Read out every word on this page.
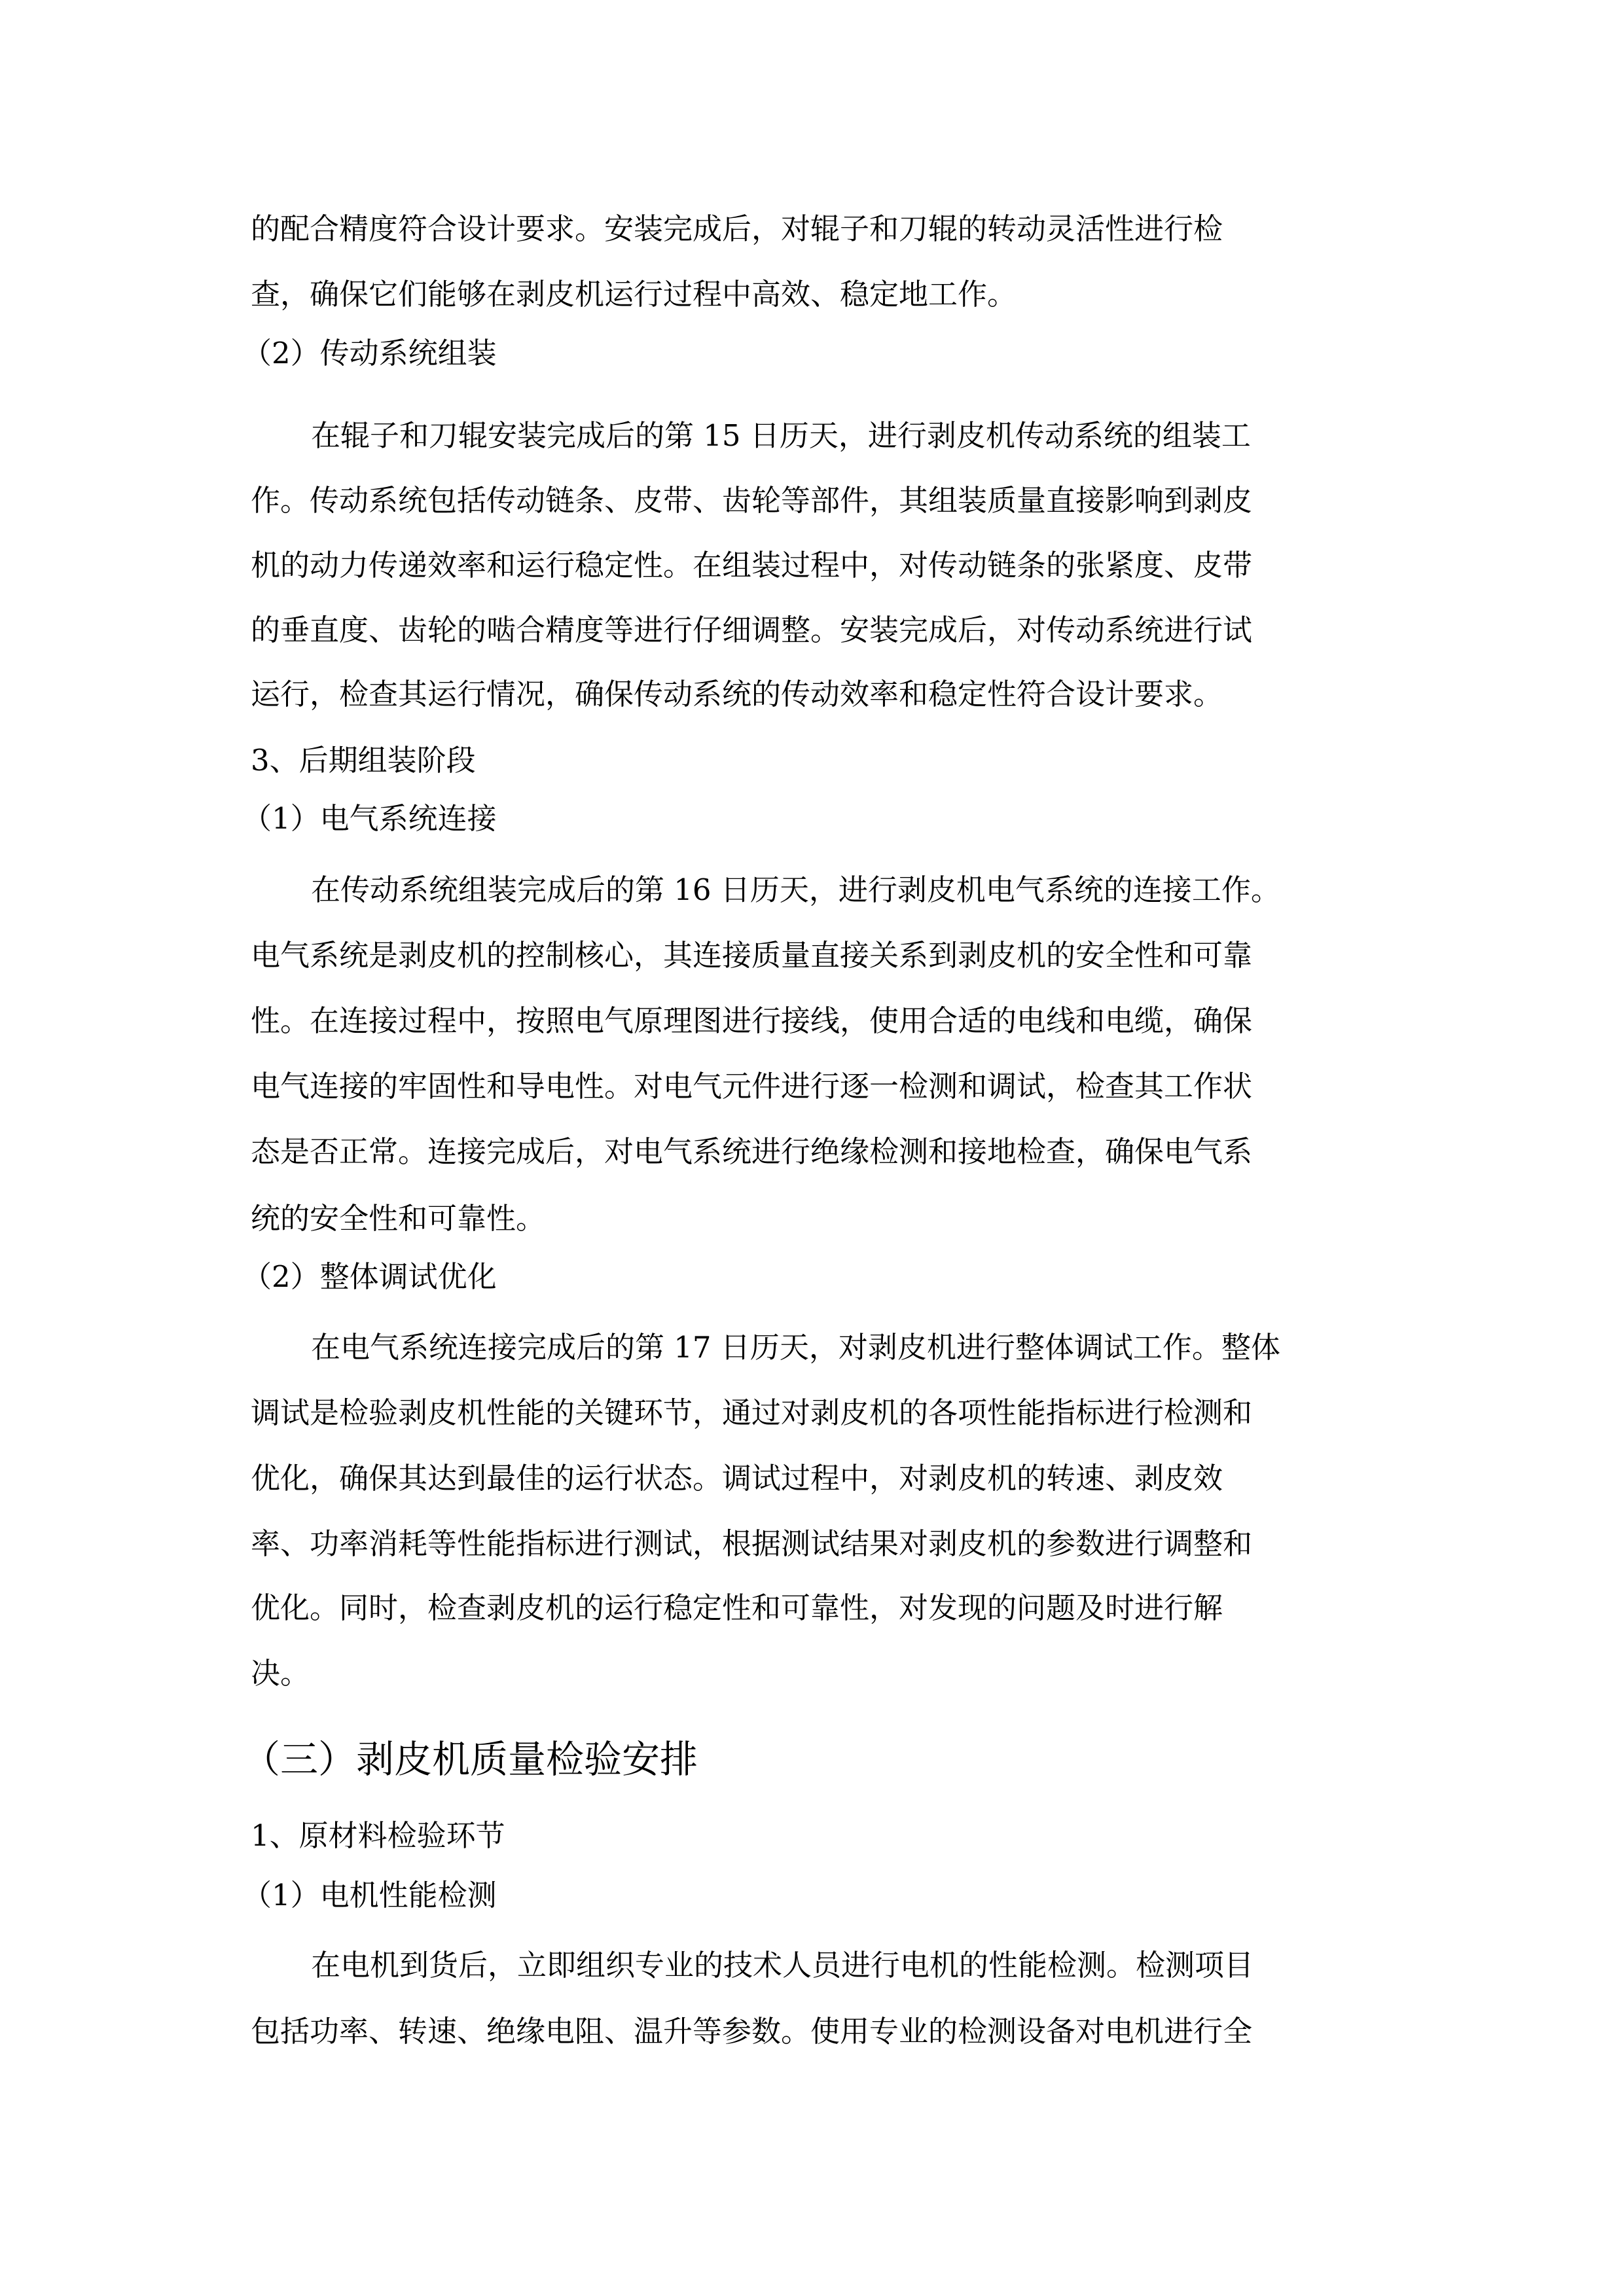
的配合精度符合设计要求。安装完成后，对辊子和刀辊的转动灵活性进行检

查，确保它们能够在剥皮机运行过程中高效、稳定地工作。

（2）传动系统组装

在辊子和刀辊安装完成后的第 15 日历天，进行剥皮机传动系统的组装工

作。传动系统包括传动链条、皮带、齿轮等部件，其组装质量直接影响到剥皮

机的动力传递效率和运行稳定性。在组装过程中，对传动链条的张紧度、皮带

的垂直度、齿轮的啮合精度等进行仔细调整。安装完成后，对传动系统进行试

运行，检查其运行情况，确保传动系统的传动效率和稳定性符合设计要求。

3、后期组装阶段

（1）电气系统连接

在传动系统组装完成后的第 16 日历天，进行剥皮机电气系统的连接工作。

电气系统是剥皮机的控制核心，其连接质量直接关系到剥皮机的安全性和可靠

性。在连接过程中，按照电气原理图进行接线，使用合适的电线和电缆，确保

电气连接的牢固性和导电性。对电气元件进行逐一检测和调试，检查其工作状

态是否正常。连接完成后，对电气系统进行绝缘检测和接地检查，确保电气系

统的安全性和可靠性。

（2）整体调试优化

在电气系统连接完成后的第 17 日历天，对剥皮机进行整体调试工作。整体

调试是检验剥皮机性能的关键环节，通过对剥皮机的各项性能指标进行检测和

优化，确保其达到最佳的运行状态。调试过程中，对剥皮机的转速、剥皮效

率、功率消耗等性能指标进行测试，根据测试结果对剥皮机的参数进行调整和

优化。同时，检查剥皮机的运行稳定性和可靠性，对发现的问题及时进行解

决。

（三）剥皮机质量检验安排

1、原材料检验环节

（1）电机性能检测

在电机到货后，立即组织专业的技术人员进行电机的性能检测。检测项目

包括功率、转速、绝缘电阻、温升等参数。使用专业的检测设备对电机进行全
